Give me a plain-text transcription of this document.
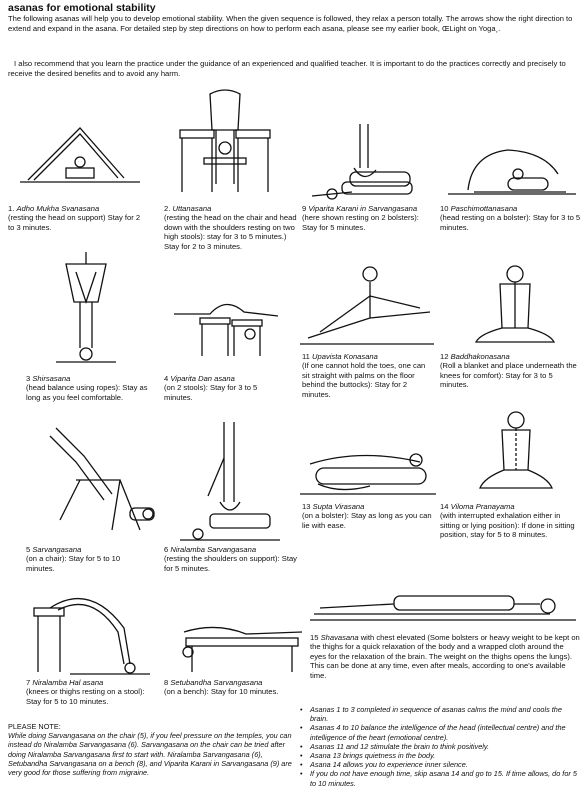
asanas for emotional stability
The following asanas will help you to develop emotional stability. When the given sequence is followed, they relax a person totally. The arrows show the right direction to extend and expand in the asana. For detailed step by step directions on how to perform each asana, please see my earlier book, ŒLight on Yoga¸.
I also recommend that you learn the practice under the guidance of an experienced and qualified teacher. It is important to do the practices correctly and precisely to receive the desired benefits and to avoid any harm.
1. Adho Mukha Svanasana
(resting the head on support) Stay for 2 to 3 minutes.
2. Uttanasana
(resting the head on the chair and head down with the shoulders resting on two high stools): stay for 3 to 5 minutes.) Stay for 2 to 3 minutes.
9 Viparita Karani in Sarvangasana
(here shown resting on 2 bolsters): Stay for 5 minutes.
10 Paschimottanasana
(head resting on a bolster): Stay for 3 to 5 minutes.
3 Shirsasana
(head balance using ropes): Stay as long as you feel comfortable.
4 Viparita Dan asana
(on 2 stools): Stay for 3 to 5 minutes.
11 Upavista Konasana
(If one cannot hold the toes, one can sit straight with palms on the floor behind the buttocks): Stay for 2 minutes.
12 Baddhakonasana
(Roll a blanket and place underneath the knees for comfort): Stay for 3 to 5 minutes.
5 Sarvangasana
(on a chair): Stay for 5 to 10 minutes.
6 Niralamba Sarvangasana
(resting the shoulders on support): Stay for 5 minutes.
13 Supta Virasana
(on a bolster): Stay as long as you can lie with ease.
14 Viloma Pranayama
(with interrupted exhalation either in sitting or lying position): If done in sitting position, stay for 5 to 8 minutes.
7 Niralamba Hal asana
(knees or thighs resting on a stool): Stay for 5 to 10 minutes.
8 Setubandha Sarvangasana
(on a bench): Stay for 10 minutes.
15 Shavasana with chest elevated (Some bolsters or heavy weight to be kept on the thighs for a quick relaxation of the body and a wrapped cloth around the eyes for the relaxation of the brain. The weight on the thighs opens the lungs). This can be done at any time, even after meals, according to one's available time.
PLEASE NOTE:
While doing Sarvangasana on the chair (5), if you feel pressure on the temples, you can instead do Niralamba Sarvangasana (6). Sarvangasana on the chair can be tried after doing Niralamba Sarvangasana first to start with. Niralamba Sarvangasana (6), Setubandha Sarvangasana on a bench (8), and Viparita Karani in Sarvangasana (9) are very good for those suffering from migraine.
• Asanas 1 to 3 completed in sequence of asanas calms the mind and cools the brain.
• Asanas 4 to 10 balance the intelligence of the head (intellectual centre) and the intelligence of the heart (emotional centre).
• Asanas 11 and 12 stimulate the brain to think positively.
• Asana 13 brings quietness in the body.
• Asana 14 allows you to experience inner silence.
• If you do not have enough time, skip asana 14 and go to 15. If time allows, do for 5 to 10 minutes.
